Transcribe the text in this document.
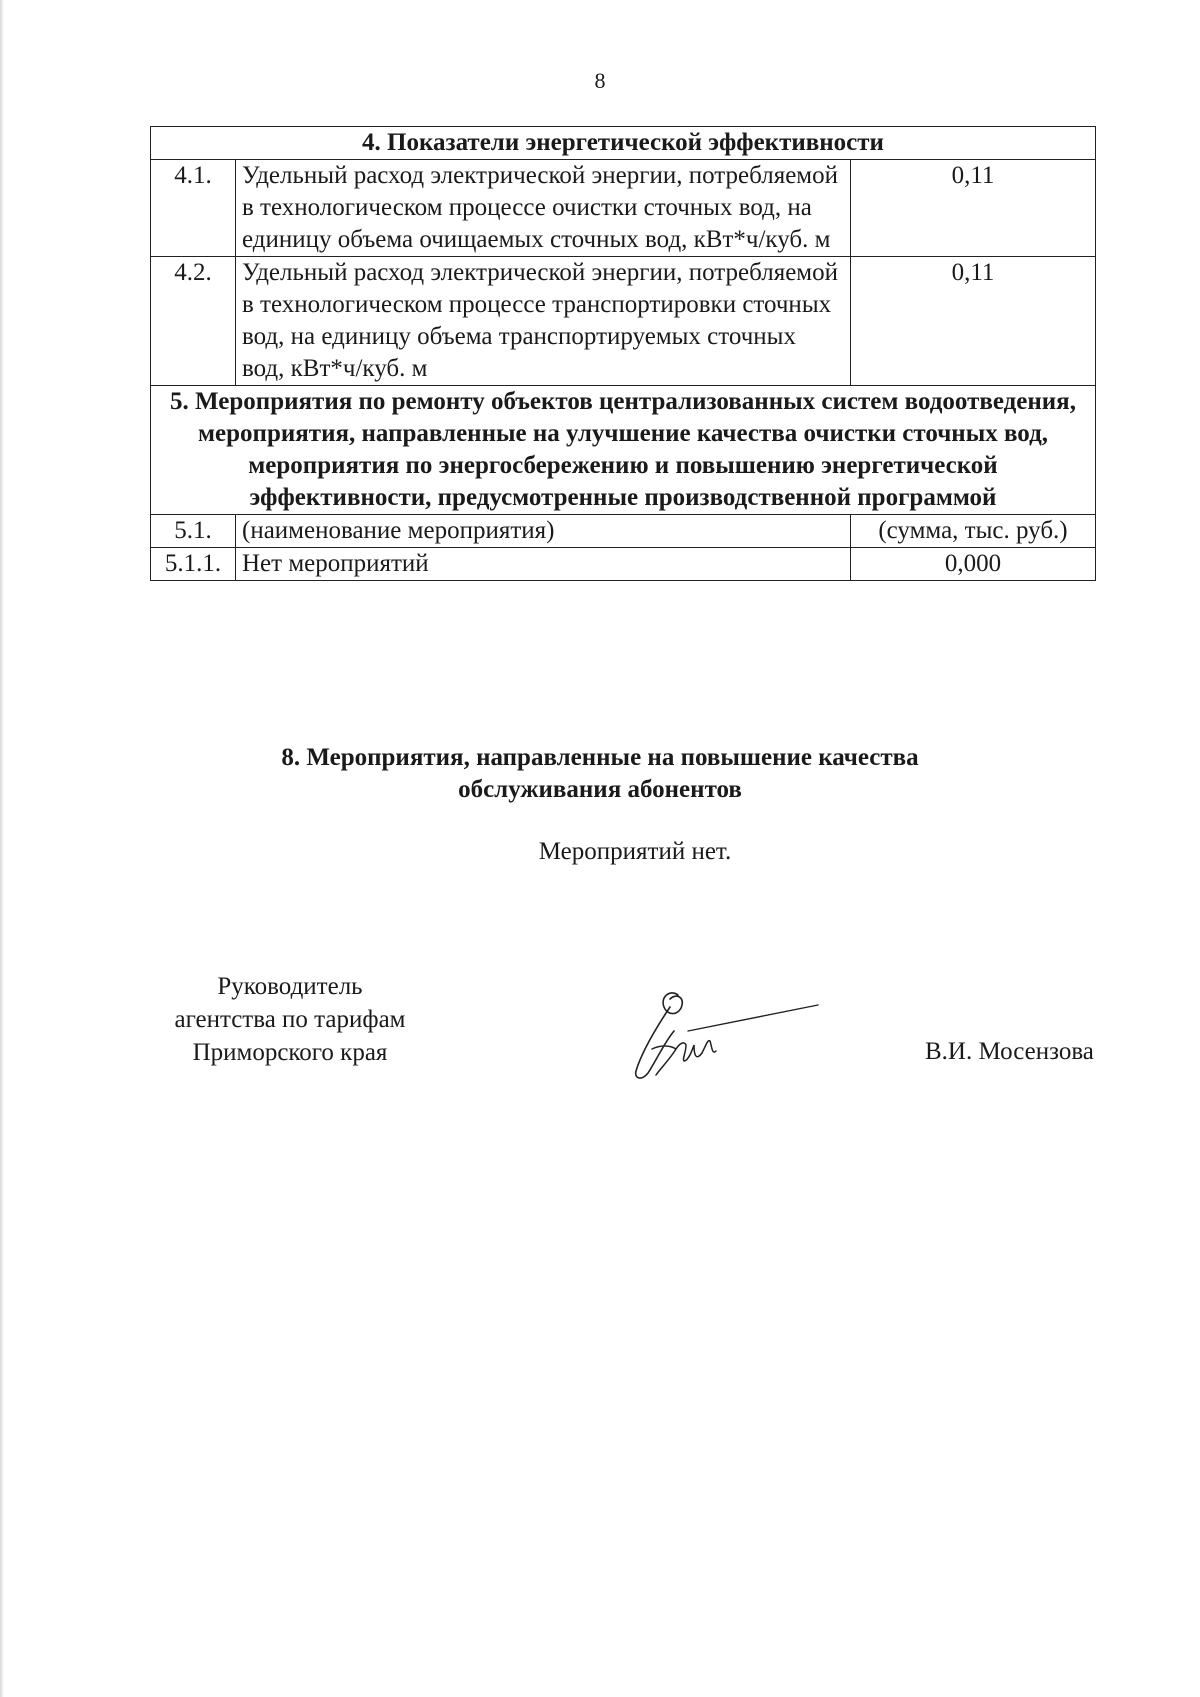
8
4. Показатели энергетической эффективности		
4.1.	Удельный расход электрической энергии, потребляемой в технологическом процессе очистки сточных вод, на единицу объема очищаемых сточных вод, кВт*ч/куб. м	0,11
4.2.	Удельный расход электрической энергии, потребляемой в технологическом процессе транспортировки сточных вод, на единицу объема транспортируемых сточных вод, кВт*ч/куб. м	0,11
5. Мероприятия по ремонту объектов централизованных систем водоотведения, мероприятия, направленные на улучшение качества очистки сточных вод, мероприятия по энергосбережению и повышению энергетической эффективности, предусмотренные производственной программой		
5.1.	(наименование мероприятия)	(сумма, тыс. руб.)
5.1.1.	Нет мероприятий	0,000
8. Мероприятия, направленные на повышение качества
обслуживания абонентов
Мероприятий нет.
Руководитель
агентства по тарифам
Приморского края	В.И. Мосензова
